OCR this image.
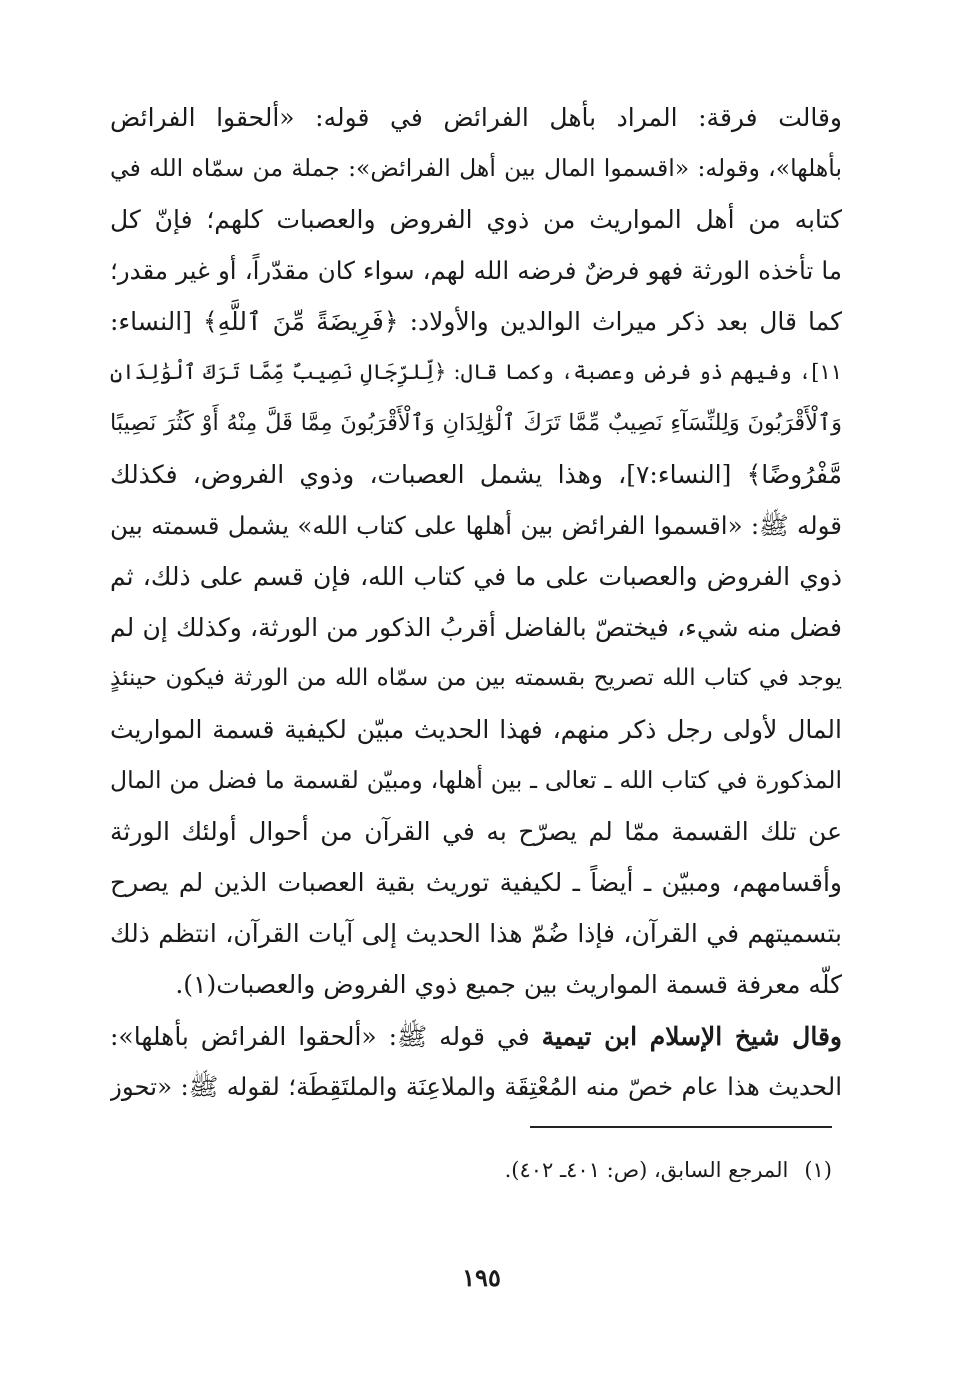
وقالت فرقة: المراد بأهل الفرائض في قوله: «ألحقوا الفرائض
بأهلها»، وقوله: «اقسموا المال بين أهل الفرائض»: جملة من سمّاه الله في
كتابه من أهل المواريث من ذوي الفروض والعصبات كلهم؛ فإنّ كل
ما تأخذه الورثة فهو فرضٌ فرضه الله لهم، سواء كان مقدّراً، أو غير مقدر؛
كما قال بعد ذكر ميراث الوالدين والأولاد: ﴿فَرِيضَةً مِّنَ ٱللَّهِ﴾ [النساء:
١١]، وفيهم ذو فرض وعصبة، وكما قال: ﴿لِّلرِّجَالِ نَصِيبٌ مِّمَّا تَرَكَ ٱلْوَٰلِدَانِ
وَٱلْأَقْرَبُونَ وَلِلنِّسَآءِ نَصِيبٌ مِّمَّا تَرَكَ ٱلْوَٰلِدَانِ وَٱلْأَقْرَبُونَ مِمَّا قَلَّ مِنْهُ أَوْ كَثُرَ نَصِيبًا
مَّفْرُوضًا﴾ [النساء:٧]، وهذا يشمل العصبات، وذوي الفروض، فكذلك
قوله ﷺ: «اقسموا الفرائض بين أهلها على كتاب الله» يشمل قسمته بين
ذوي الفروض والعصبات على ما في كتاب الله، فإن قسم على ذلك، ثم
فضل منه شيء، فيختصّ بالفاضل أقربُ الذكور من الورثة، وكذلك إن لم
يوجد في كتاب الله تصريح بقسمته بين من سمّاه الله من الورثة فيكون حينئذٍ
المال لأولى رجل ذكر منهم، فهذا الحديث مبيّن لكيفية قسمة المواريث
المذكورة في كتاب الله ـ تعالى ـ بين أهلها، ومبيّن لقسمة ما فضل من المال
عن تلك القسمة ممّا لم يصرّح به في القرآن من أحوال أولئك الورثة
وأقسامهم، ومبيّن ـ أيضاً ـ لكيفية توريث بقية العصبات الذين لم يصرح
بتسميتهم في القرآن، فإذا ضُمّ هذا الحديث إلى آيات القرآن، انتظم ذلك
كلّه معرفة قسمة المواريث بين جميع ذوي الفروض والعصبات(١).
وقال شيخ الإسلام ابن تيمية في قوله ﷺ: «ألحقوا الفرائض بأهلها»:
الحديث هذا عام خصّ منه المُعْتِقَة والملاعِنَة والملتَقِطَة؛ لقوله ﷺ: «تحوز
(١)المرجع السابق، (ص: ٤٠١ـ ٤٠٢).
١٩٥
